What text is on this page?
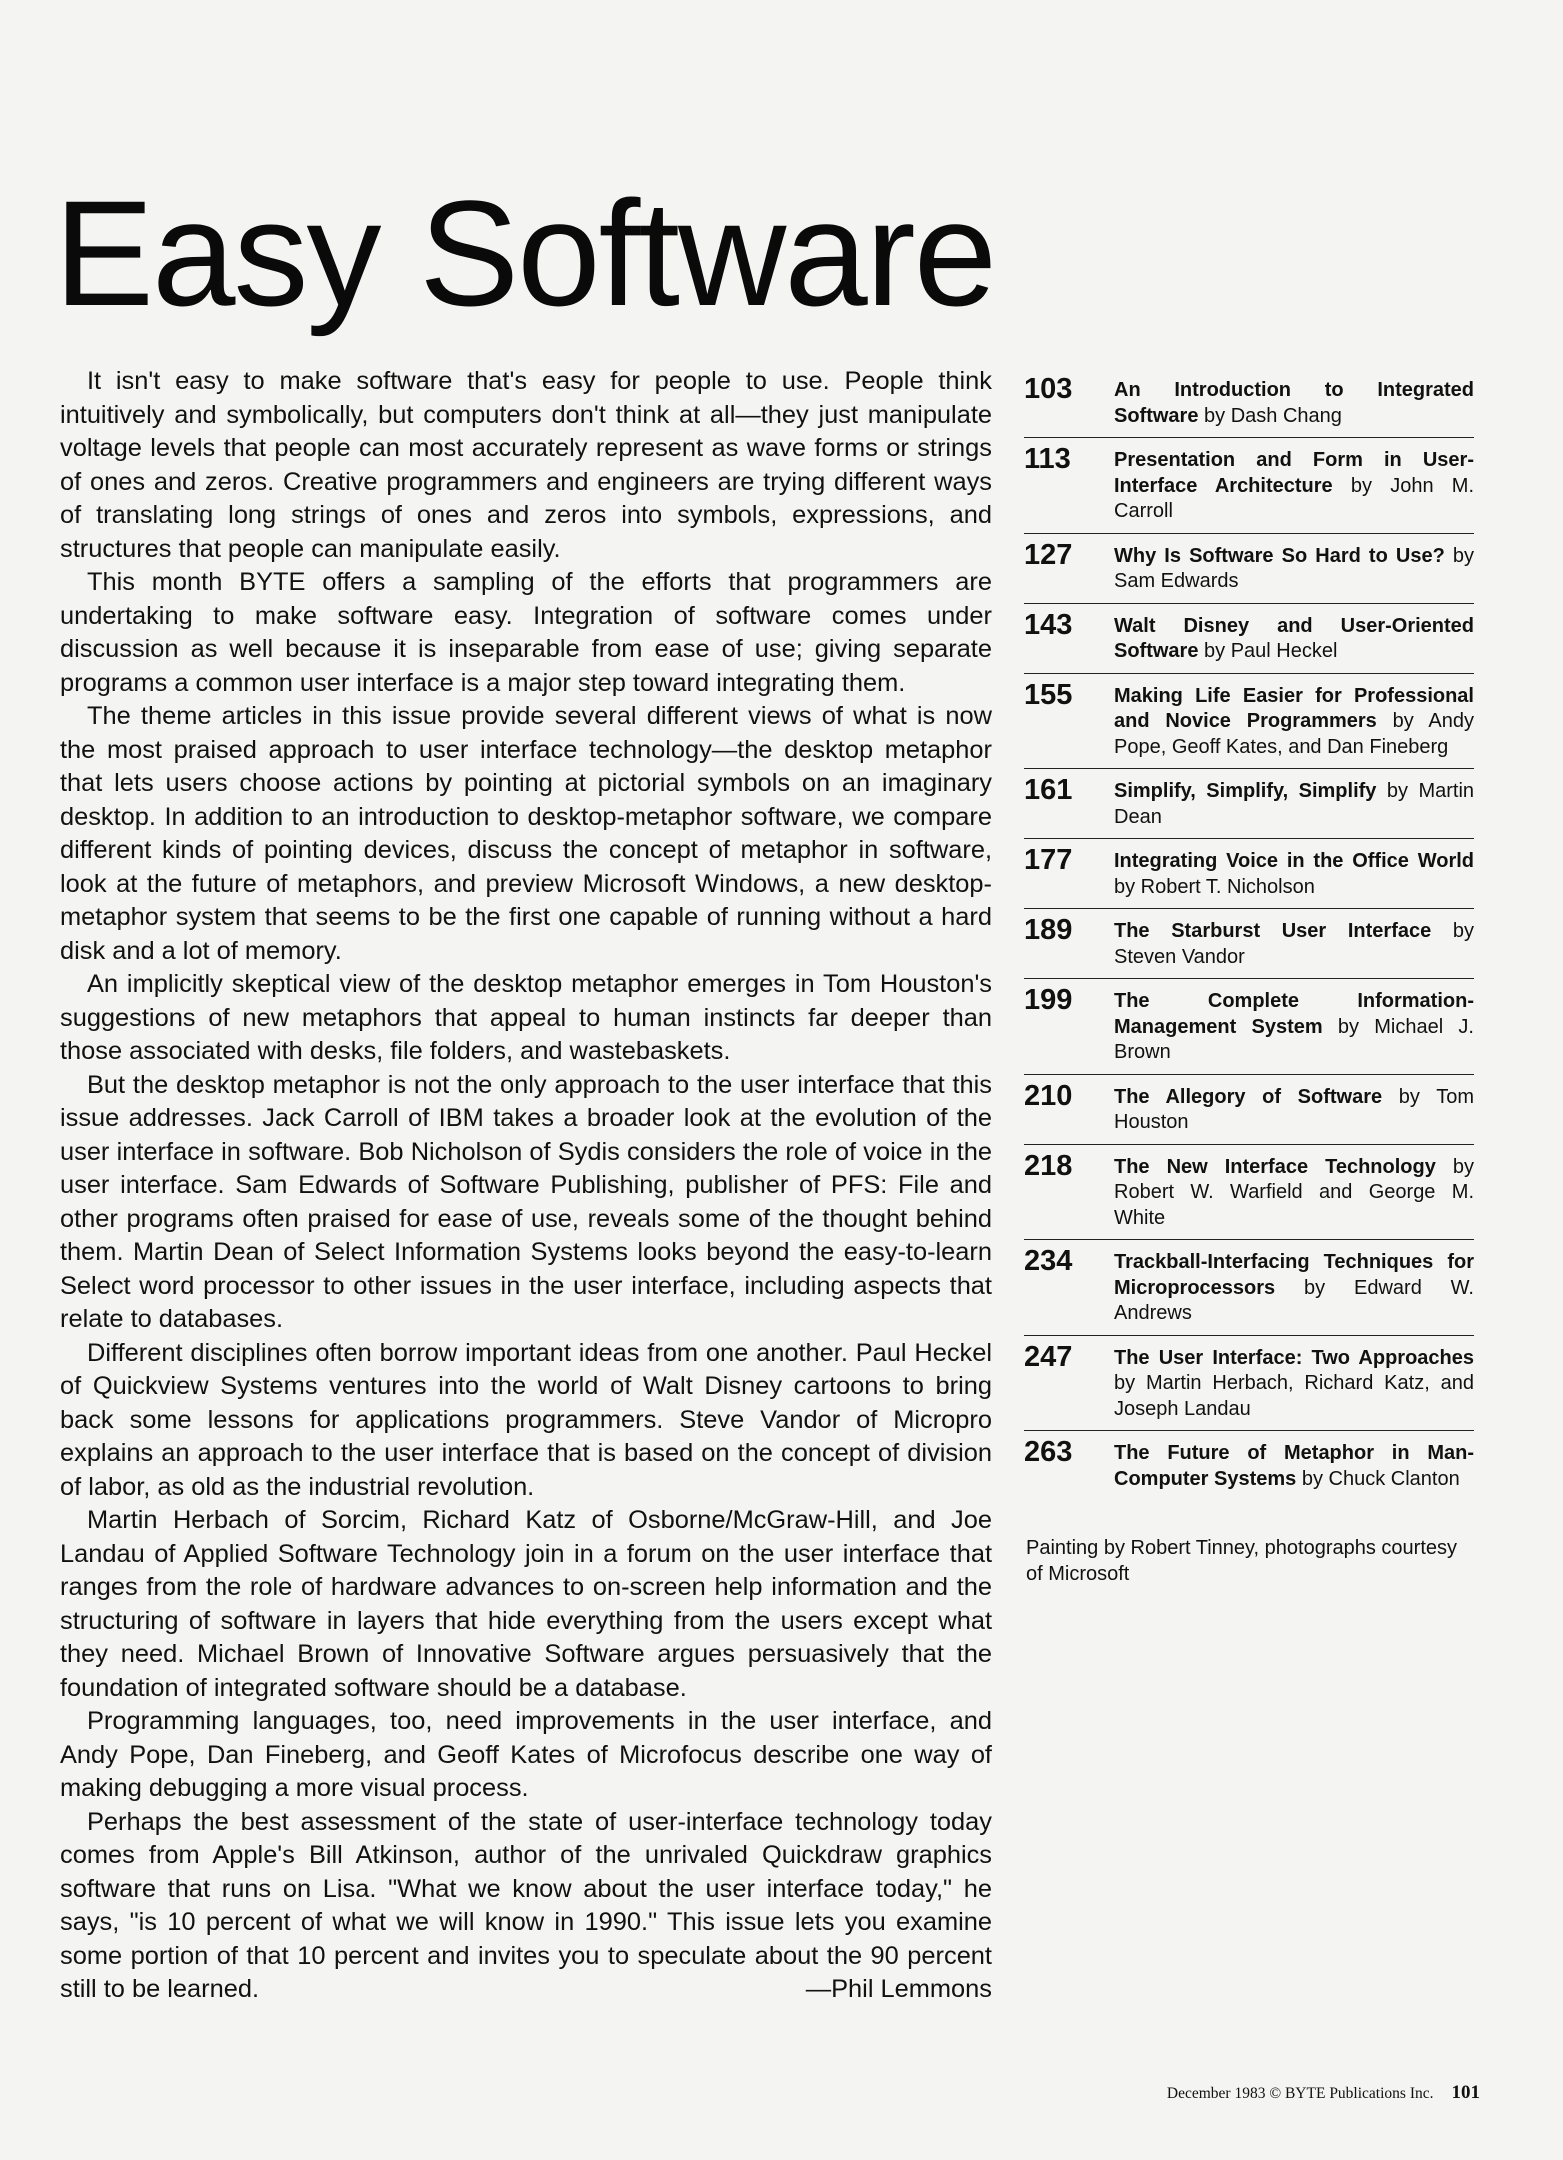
Easy Software

It isn't easy to make software that's easy for people to use. People think intuitively and symbolically, but computers don't think at all—they just manipulate voltage levels that people can most accurately represent as wave forms or strings of ones and zeros. Creative programmers and engineers are trying different ways of translating long strings of ones and zeros into symbols, expressions, and structures that people can manipulate easily.

This month BYTE offers a sampling of the efforts that programmers are undertaking to make software easy. Integration of software comes under discussion as well because it is inseparable from ease of use; giving separate programs a common user interface is a major step toward integrating them.

The theme articles in this issue provide several different views of what is now the most praised approach to user interface technology—the desktop metaphor that lets users choose actions by pointing at pictorial symbols on an imaginary desktop. In addition to an introduction to desktop-metaphor software, we compare different kinds of pointing devices, discuss the concept of metaphor in software, look at the future of metaphors, and preview Microsoft Windows, a new desktop-metaphor system that seems to be the first one capable of running without a hard disk and a lot of memory.

An implicitly skeptical view of the desktop metaphor emerges in Tom Houston's suggestions of new metaphors that appeal to human instincts far deeper than those associated with desks, file folders, and wastebaskets.

But the desktop metaphor is not the only approach to the user interface that this issue addresses. Jack Carroll of IBM takes a broader look at the evolution of the user interface in software. Bob Nicholson of Sydis considers the role of voice in the user interface. Sam Edwards of Software Publishing, publisher of PFS: File and other programs often praised for ease of use, reveals some of the thought behind them. Martin Dean of Select Information Systems looks beyond the easy-to-learn Select word processor to other issues in the user interface, including aspects that relate to databases.

Different disciplines often borrow important ideas from one another. Paul Heckel of Quickview Systems ventures into the world of Walt Disney cartoons to bring back some lessons for applications programmers. Steve Vandor of Micropro explains an approach to the user interface that is based on the concept of division of labor, as old as the industrial revolution.

Martin Herbach of Sorcim, Richard Katz of Osborne/McGraw-Hill, and Joe Landau of Applied Software Technology join in a forum on the user interface that ranges from the role of hardware advances to on-screen help information and the structuring of software in layers that hide everything from the users except what they need. Michael Brown of Innovative Software argues persuasively that the foundation of integrated software should be a database.

Programming languages, too, need improvements in the user interface, and Andy Pope, Dan Fineberg, and Geoff Kates of Microfocus describe one way of making debugging a more visual process.

Perhaps the best assessment of the state of user-interface technology today comes from Apple's Bill Atkinson, author of the unrivaled Quickdraw graphics software that runs on Lisa. "What we know about the user interface today," he says, "is 10 percent of what we will know in 1990." This issue lets you examine some portion of that 10 percent and invites you to speculate about the 90 percent still to be learned.	—Phil Lemmons

103	An Introduction to Integrated Software by Dash Chang
113	Presentation and Form in User-Interface Architecture by John M. Carroll
127	Why Is Software So Hard to Use? by Sam Edwards
143	Walt Disney and User-Oriented Software by Paul Heckel
155	Making Life Easier for Professional and Novice Programmers by Andy Pope, Geoff Kates, and Dan Fineberg
161	Simplify, Simplify, Simplify by Martin Dean
177	Integrating Voice in the Office World by Robert T. Nicholson
189	The Starburst User Interface by Steven Vandor
199	The Complete Information-Management System by Michael J. Brown
210	The Allegory of Software by Tom Houston
218	The New Interface Technology by Robert W. Warfield and George M. White
234	Trackball-Interfacing Techniques for Microprocessors by Edward W. Andrews
247	The User Interface: Two Approaches by Martin Herbach, Richard Katz, and Joseph Landau
263	The Future of Metaphor in Man-Computer Systems by Chuck Clanton
Painting by Robert Tinney, photographs courtesy of Microsoft
December 1983 © BYTE Publications Inc. 101
